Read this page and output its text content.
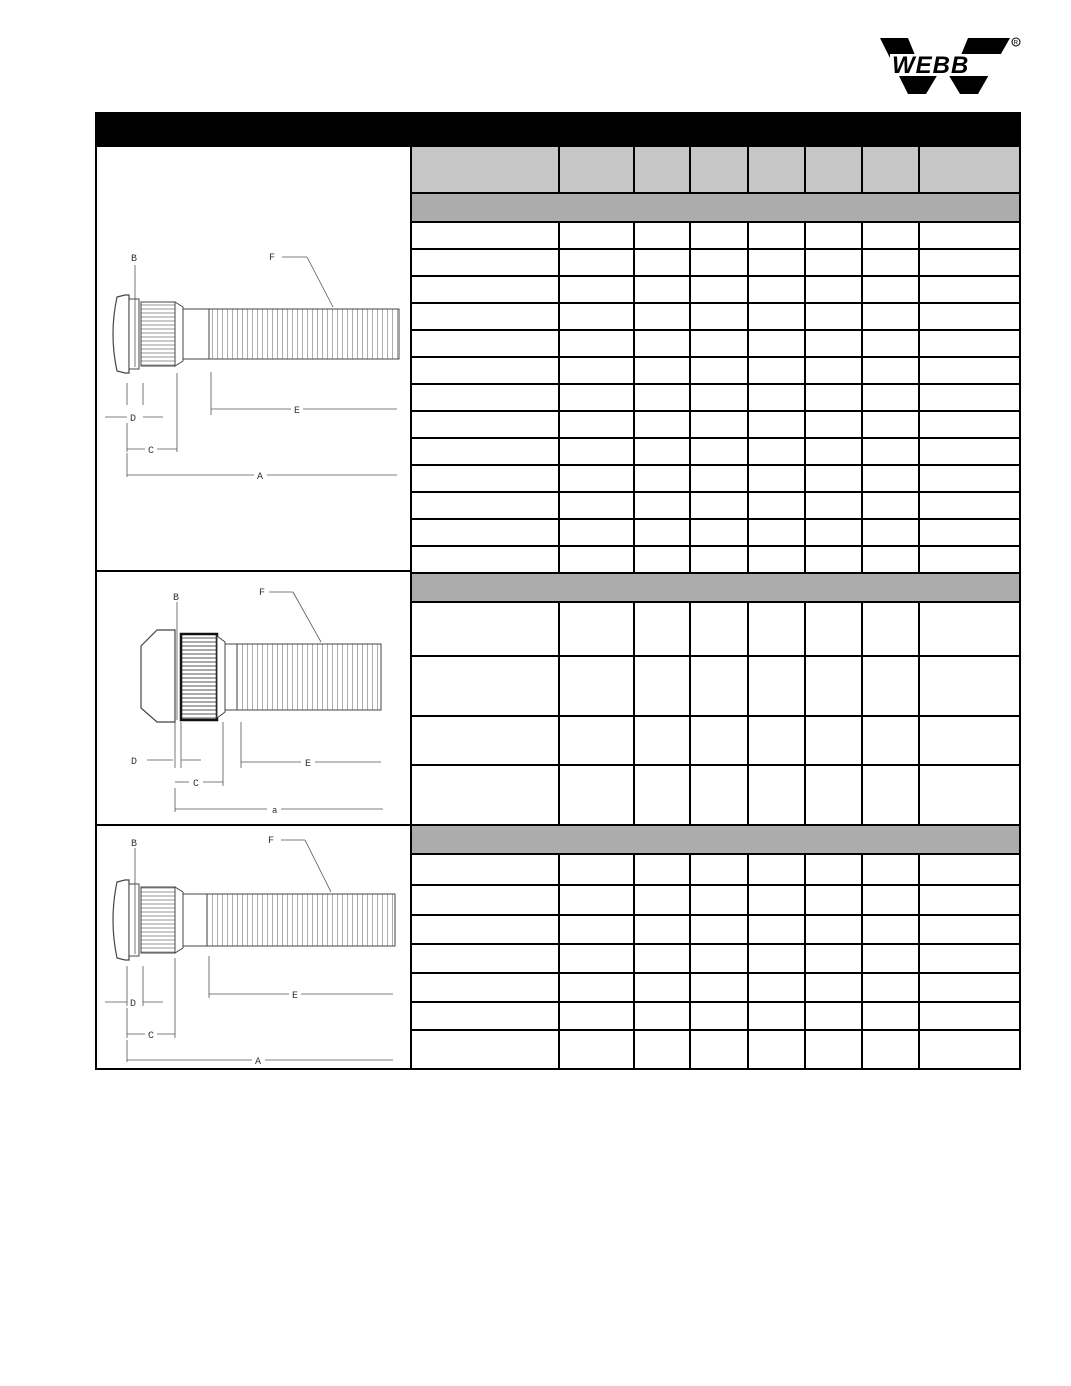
WEBB
R
B	F
D
E
C
A
B	F
D	E
C
a
B	F
D
E
C
A
